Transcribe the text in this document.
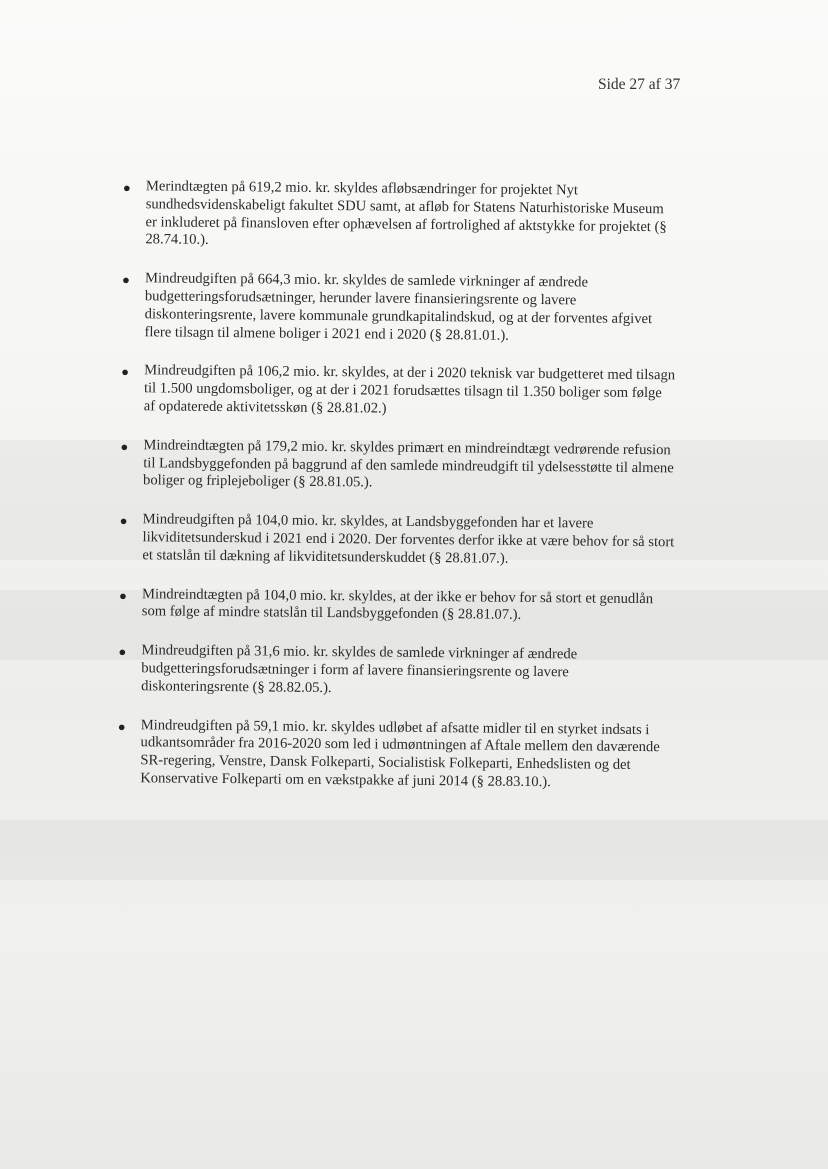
Side 27 af 37
● Merindtægten på 619,2 mio. kr. skyldes afløbsændringer for projektet Nyt sundhedsvidenskabeligt fakultet SDU samt, at afløb for Statens Naturhistoriske Museum er inkluderet på finansloven efter ophævelsen af fortrolighed af aktstykke for projektet (§ 28.74.10.).
● Mindreudgiften på 664,3 mio. kr. skyldes de samlede virkninger af ændrede budgetteringsforudsætninger, herunder lavere finansieringsrente og lavere diskonteringsrente, lavere kommunale grundkapitalindskud, og at der forventes afgivet flere tilsagn til almene boliger i 2021 end i 2020 (§ 28.81.01.).
● Mindreudgiften på 106,2 mio. kr. skyldes, at der i 2020 teknisk var budgetteret med tilsagn til 1.500 ungdomsboliger, og at der i 2021 forudsættes tilsagn til 1.350 boliger som følge af opdaterede aktivitetsskøn (§ 28.81.02.)
● Mindreindtægten på 179,2 mio. kr. skyldes primært en mindreindtægt vedrørende refusion til Landsbyggefonden på baggrund af den samlede mindreudgift til ydelsesstøtte til almene boliger og friplejeboliger (§ 28.81.05.).
● Mindreudgiften på 104,0 mio. kr. skyldes, at Landsbyggefonden har et lavere likviditetsunderskud i 2021 end i 2020. Der forventes derfor ikke at være behov for så stort et statslån til dækning af likviditetsunderskuddet (§ 28.81.07.).
● Mindreindtægten på 104,0 mio. kr. skyldes, at der ikke er behov for så stort et genudlån som følge af mindre statslån til Landsbyggefonden (§ 28.81.07.).
● Mindreudgiften på 31,6 mio. kr. skyldes de samlede virkninger af ændrede budgetteringsforudsætninger i form af lavere finansieringsrente og lavere diskonteringsrente (§ 28.82.05.).
● Mindreudgiften på 59,1 mio. kr. skyldes udløbet af afsatte midler til en styrket indsats i udkantsområder fra 2016-2020 som led i udmøntningen af Aftale mellem den daværende SR-regering, Venstre, Dansk Folkeparti, Socialistisk Folkeparti, Enhedslisten og det Konservative Folkeparti om en vækstpakke af juni 2014 (§ 28.83.10.).
